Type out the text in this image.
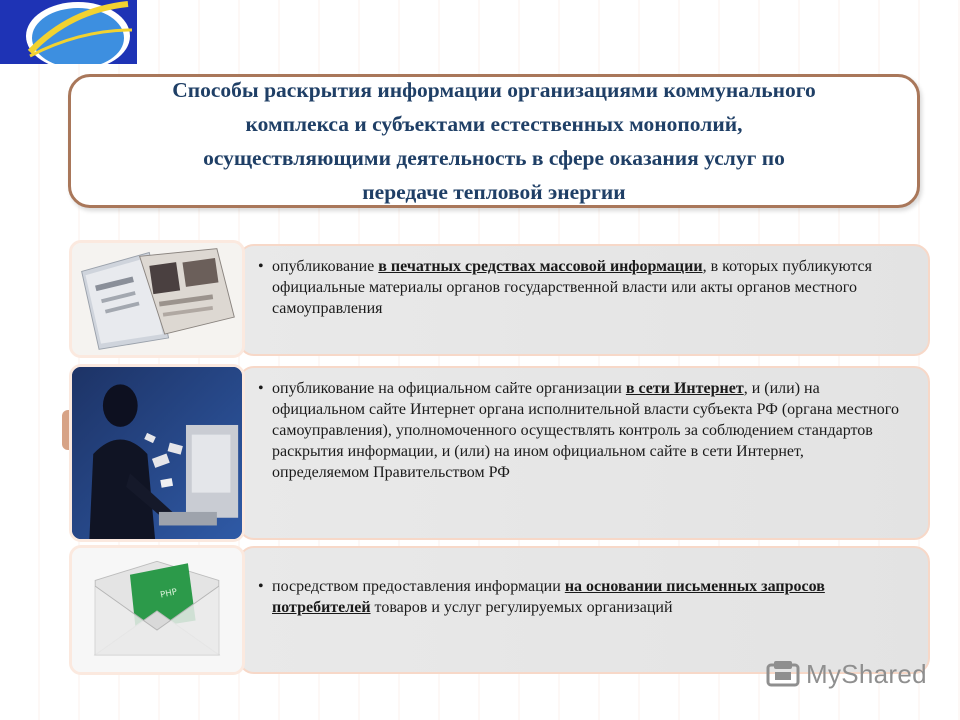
Способы раскрытия информации организациями коммунального
комплекса и субъектами естественных монополий,
осуществляющими деятельность в сфере оказания услуг по
передаче тепловой энергии
• опубликование в печатных средствах массовой информации, в которых публикуются официальные материалы органов государственной власти или акты органов местного самоуправления
• опубликование на официальном сайте организации в сети Интернет, и (или) на официальном сайте Интернет органа исполнительной власти субъекта РФ (органа местного самоуправления), уполномоченного осуществлять контроль за соблюдением стандартов раскрытия информации, и (или) на ином официальном сайте в сети Интернет, определяемом Правительством РФ
• посредством предоставления информации на основании письменных запросов потребителей товаров и услуг регулируемых организаций
PHP
MyShared
